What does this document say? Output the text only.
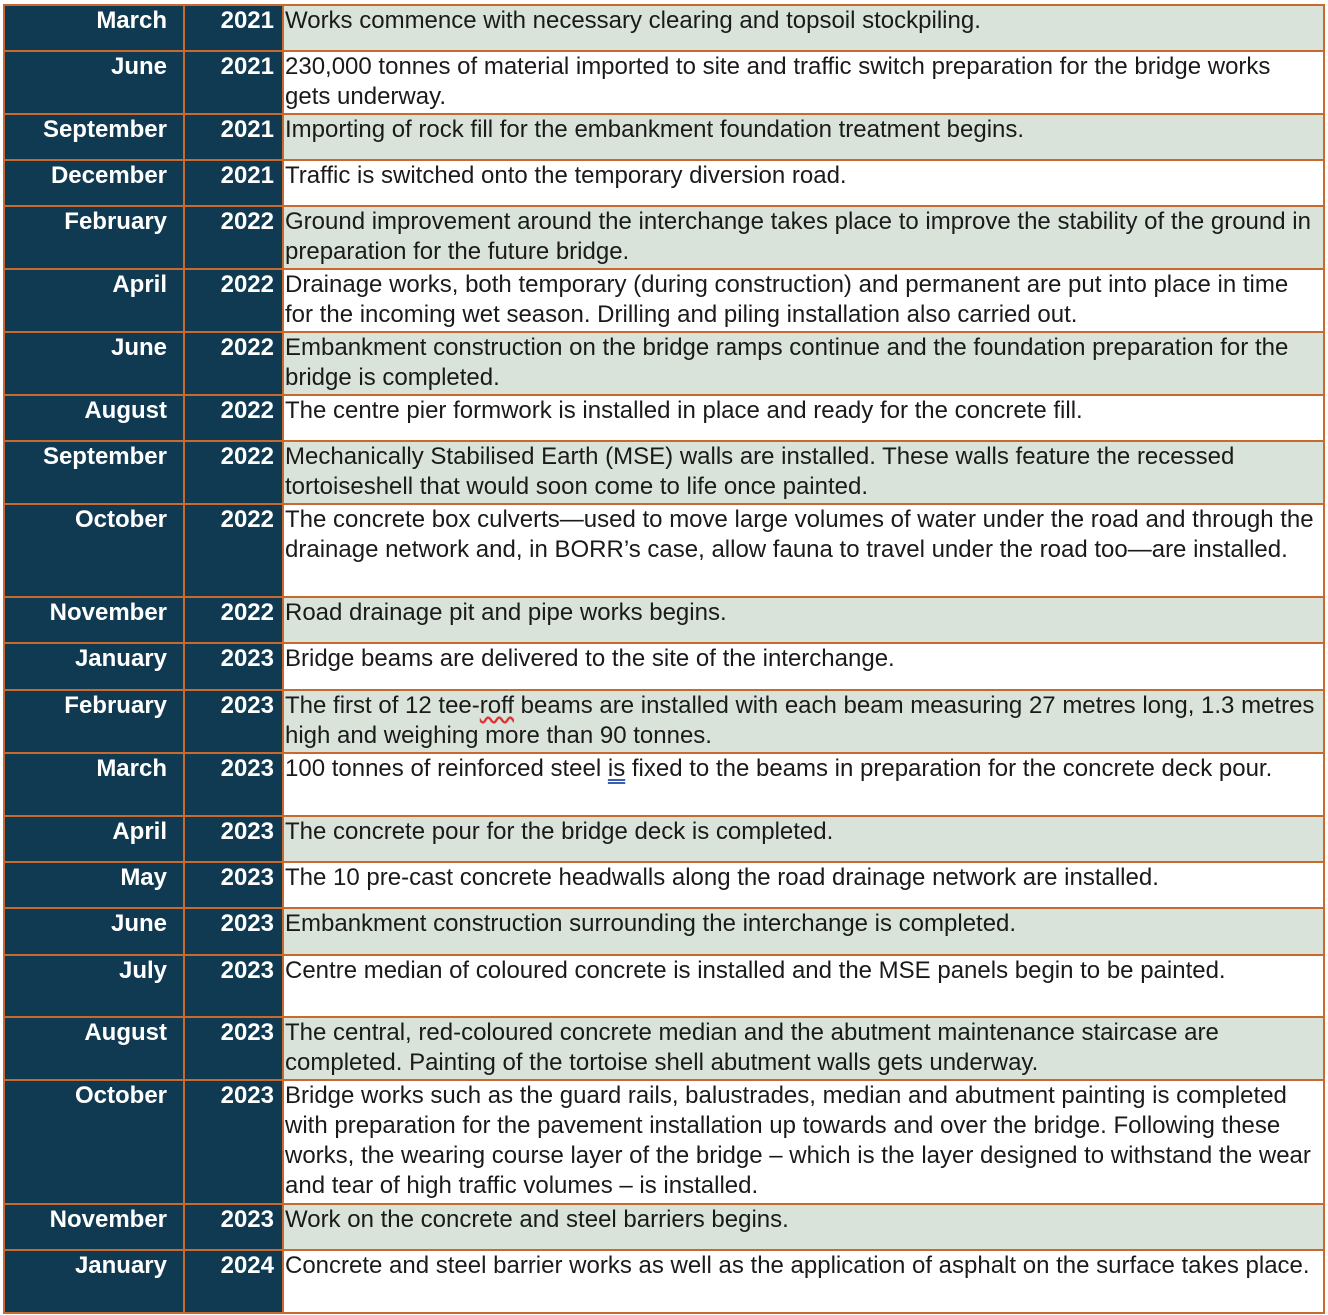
March	2021	Works commence with necessary clearing and topsoil stockpiling.
June	2021	230,000 tonnes of material imported to site and traffic switch preparation for the bridge works gets underway.
September	2021	Importing of rock fill for the embankment foundation treatment begins.
December	2021	Traffic is switched onto the temporary diversion road.
February	2022	Ground improvement around the interchange takes place to improve the stability of the ground in preparation for the future bridge.
April	2022	Drainage works, both temporary (during construction) and permanent are put into place in time for the incoming wet season. Drilling and piling installation also carried out.
June	2022	Embankment construction on the bridge ramps continue and the foundation preparation for the bridge is completed.
August	2022	The centre pier formwork is installed in place and ready for the concrete fill.
September	2022	Mechanically Stabilised Earth (MSE) walls are installed. These walls feature the recessed tortoiseshell that would soon come to life once painted.
October	2022	The concrete box culverts—used to move large volumes of water under the road and through the drainage network and, in BORR’s case, allow fauna to travel under the road too—are installed.
November	2022	Road drainage pit and pipe works begins.
January	2023	Bridge beams are delivered to the site of the interchange.
February	2023	The first of 12 tee-roff beams are installed with each beam measuring 27 metres long, 1.3 metres high and weighing more than 90 tonnes.
March	2023	100 tonnes of reinforced steel is fixed to the beams in preparation for the concrete deck pour.
April	2023	The concrete pour for the bridge deck is completed.
May	2023	The 10 pre-cast concrete headwalls along the road drainage network are installed.
June	2023	Embankment construction surrounding the interchange is completed.
July	2023	Centre median of coloured concrete is installed and the MSE panels begin to be painted.
August	2023	The central, red-coloured concrete median and the abutment maintenance staircase are completed. Painting of the tortoise shell abutment walls gets underway.
October	2023	Bridge works such as the guard rails, balustrades, median and abutment painting is completed with preparation for the pavement installation up towards and over the bridge. Following these works, the wearing course layer of the bridge – which is the layer designed to withstand the wear and tear of high traffic volumes – is installed.
November	2023	Work on the concrete and steel barriers begins.
January	2024	Concrete and steel barrier works as well as the application of asphalt on the surface takes place.
